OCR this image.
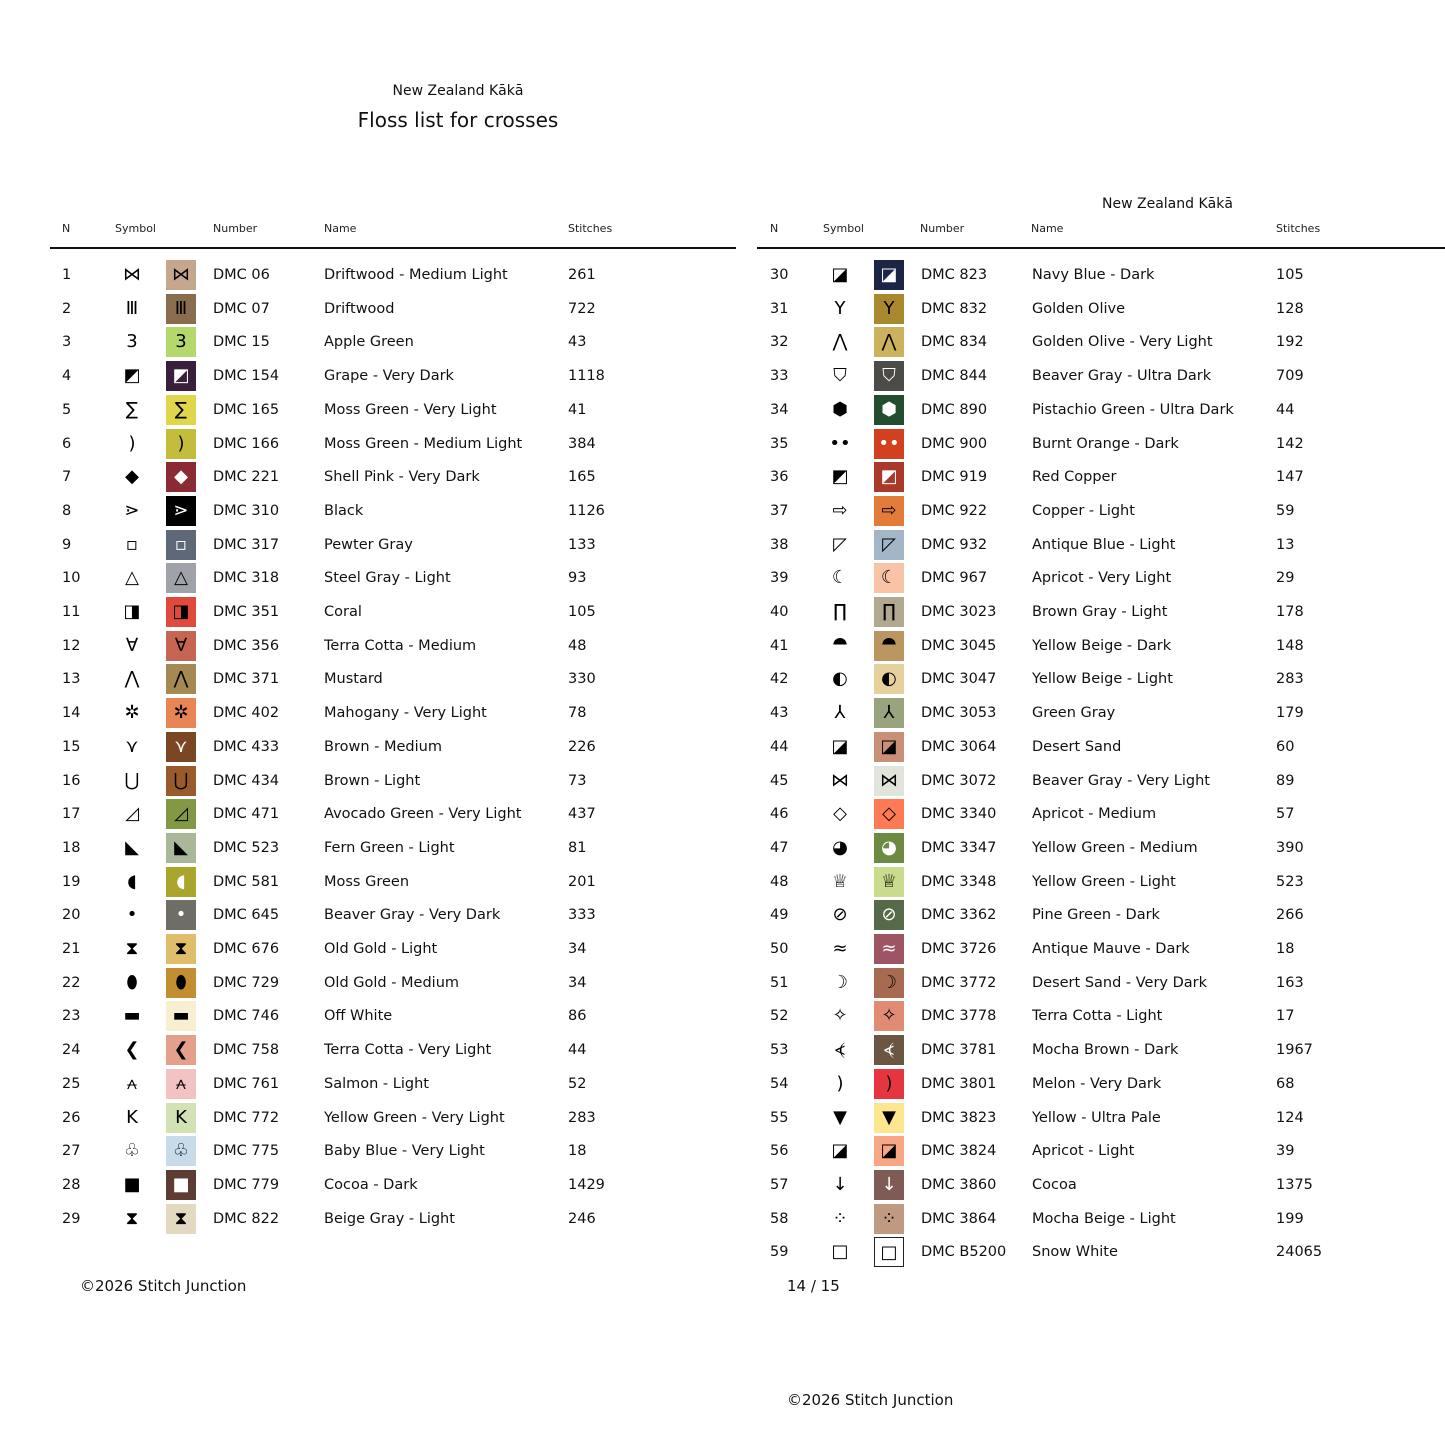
New Zealand Kākā
Floss list for crosses
New Zealand Kākā
N	Symbol	Number	Name	Stitches	N	Symbol	Number	Name	Stitches
1	⋈	⋈	DMC 06	Driftwood - Medium Light	261
2	Ⅲ	Ⅲ	DMC 07	Driftwood	722
3	3	3	DMC 15	Apple Green	43
4	◩	◩	DMC 154	Grape - Very Dark	1118
5	∑	∑	DMC 165	Moss Green - Very Light	41
6	)	)	DMC 166	Moss Green - Medium Light	384
7	◆	◆	DMC 221	Shell Pink - Very Dark	165
8	⋗	⋗	DMC 310	Black	1126
9	▫	▫	DMC 317	Pewter Gray	133
10 △	△	DMC 318	Steel Gray - Light	93
11 ◨	◨	DMC 351	Coral	105
12	∀	∀	DMC 356	Terra Cotta - Medium	48
13 ⋀	⋀	DMC 371	Mustard	330
14 ✲	✲	DMC 402	Mahogany - Very Light	78
15	⋎	⋎	DMC 433	Brown - Medium	226
16 ⋃	⋃	DMC 434	Brown - Light	73
17 ◿	◿	DMC 471	Avocado Green - Very Light	437
18 ◣	◣	DMC 523	Fern Green - Light	81
19	◖	◖	DMC 581	Moss Green	201
20	•	•	DMC 645	Beaver Gray - Very Dark	333
21	⧗	⧗	DMC 676	Old Gold - Light	34
22	⬮	⬮	DMC 729	Old Gold - Medium	34
23 ▬	▬	DMC 746	Off White	86
24 ❮	❮	DMC 758	Terra Cotta - Very Light	44
25	⩜	⩜	DMC 761	Salmon - Light	52
26	K	K	DMC 772	Yellow Green - Very Light	283
27 ♧	♧	DMC 775	Baby Blue - Very Light	18
28 ■	■	DMC 779	Cocoa - Dark	1429
29	⧗	⧗	DMC 822	Beige Gray - Light	246
30 ◪	◪	DMC 823	Navy Blue - Dark	105
31	Y	Y	DMC 832	Golden Olive	128
32 ⋀	⋀	DMC 834	Golden Olive - Very Light	192
33 ⛉	⛉	DMC 844	Beaver Gray - Ultra Dark	709
34 ⬢	⬢	DMC 890	Pistachio Green - Ultra Dark	44
35 •• ••	DMC 900	Burnt Orange - Dark	142
36 ◩	◩	DMC 919	Red Copper	147
37 ⇨	⇨	DMC 922	Copper - Light	59
38 ◸	◸	DMC 932	Antique Blue - Light	13
39 ☾	☾	DMC 967	Apricot - Very Light	29
40 ∏	∏	DMC 3023 Brown Gray - Light	178
41 ⯊	⯊	DMC 3045 Yellow Beige - Dark	148
42 ◐	◐	DMC 3047 Yellow Beige - Light	283
43	⅄	⅄	DMC 3053 Green Gray	179
44 ◪	◪	DMC 3064 Desert Sand	60
45 ⋈	⋈	DMC 3072 Beaver Gray - Very Light	89
46 ◇	◇	DMC 3340 Apricot - Medium	57
47 ◕	◕	DMC 3347 Yellow Green - Medium	390
48 ♕	♕	DMC 3348 Yellow Green - Light	523
49 ⊘	⊘	DMC 3362 Pine Green - Dark	266
50 ≈	≈	DMC 3726 Antique Mauve - Dark	18
51 ☽	☽	DMC 3772 Desert Sand - Very Dark	163
52 ✧	✧	DMC 3778 Terra Cotta - Light	17
53	⦓	⦓	DMC 3781 Mocha Brown - Dark	1967
54	)	)	DMC 3801 Melon - Very Dark	68
55 ▼	▼	DMC 3823 Yellow - Ultra Pale	124
56 ◪	◪	DMC 3824 Apricot - Light	39
57 ↓	↓	DMC 3860 Cocoa	1375
58 ⁘	⁘	DMC 3864 Mocha Beige - Light	199
59 □	□	DMC B5200 Snow White	24065
©2026 Stitch Junction	14 / 15
©2026 Stitch Junction
